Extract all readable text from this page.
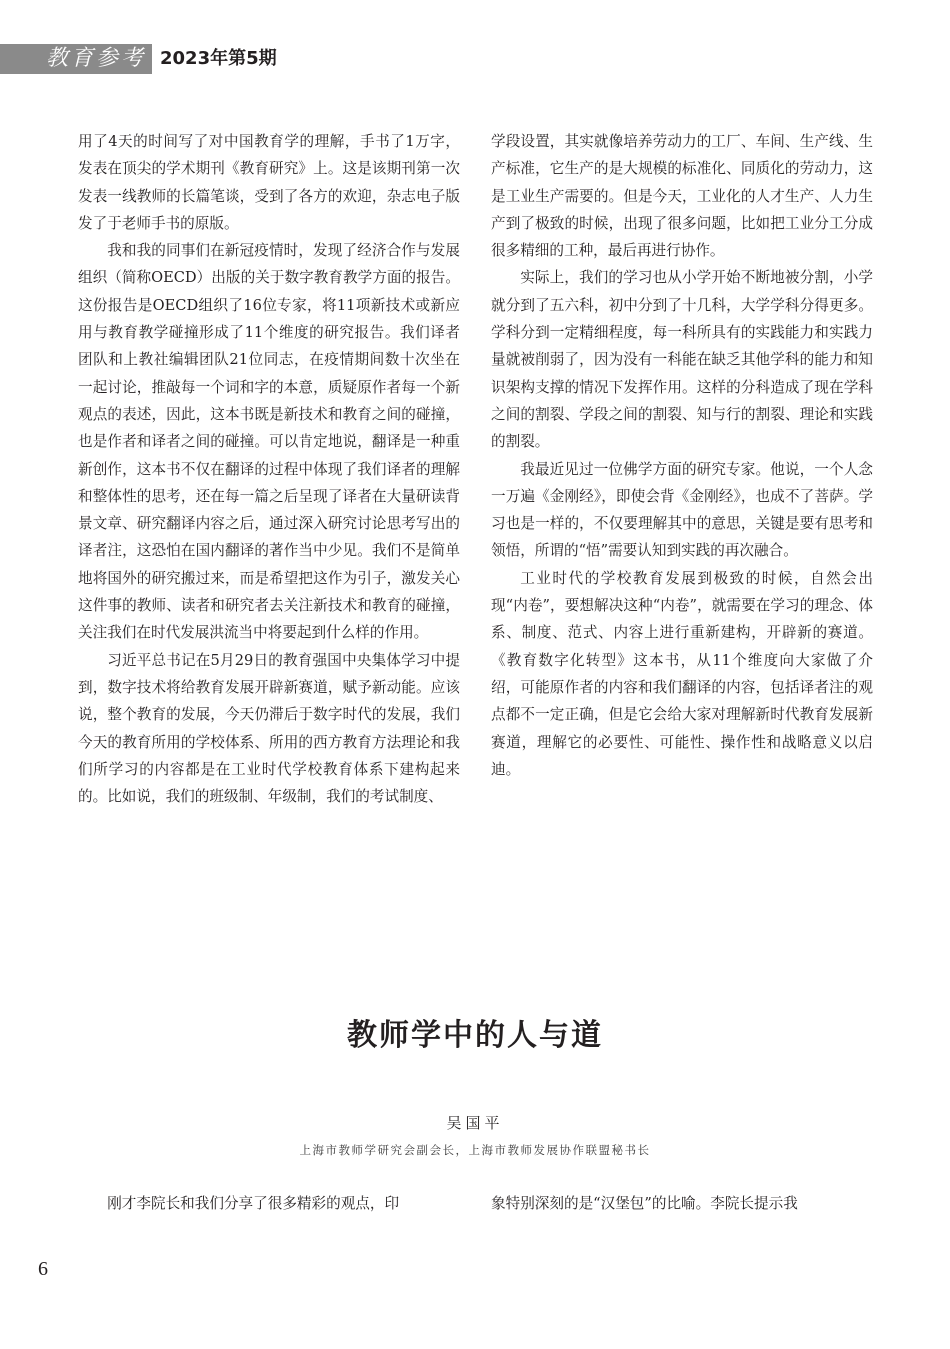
教育参考 2023年第5期

用了4天的时间写了对中国教育学的理解，手书了1万字，发表在顶尖的学术期刊《教育研究》上。这是该期刊第一次发表一线教师的长篇笔谈，受到了各方的欢迎，杂志电子版发了于老师手书的原版。

我和我的同事们在新冠疫情时，发现了经济合作与发展组织（简称OECD）出版的关于数字教育教学方面的报告。这份报告是OECD组织了16位专家，将11项新技术或新应用与教育教学碰撞形成了11个维度的研究报告。我们译者团队和上教社编辑团队21位同志，在疫情期间数十次坐在一起讨论，推敲每一个词和字的本意，质疑原作者每一个新观点的表述，因此，这本书既是新技术和教育之间的碰撞，也是作者和译者之间的碰撞。可以肯定地说，翻译是一种重新创作，这本书不仅在翻译的过程中体现了我们译者的理解和整体性的思考，还在每一篇之后呈现了译者在大量研读背景文章、研究翻译内容之后，通过深入研究讨论思考写出的译者注，这恐怕在国内翻译的著作当中少见。我们不是简单地将国外的研究搬过来，而是希望把这作为引子，激发关心这件事的教师、读者和研究者去关注新技术和教育的碰撞，关注我们在时代发展洪流当中将要起到什么样的作用。

习近平总书记在5月29日的教育强国中央集体学习中提到，数字技术将给教育发展开辟新赛道，赋予新动能。应该说，整个教育的发展，今天仍滞后于数字时代的发展，我们今天的教育所用的学校体系、所用的西方教育方法理论和我们所学习的内容都是在工业时代学校教育体系下建构起来的。比如说，我们的班级制、年级制，我们的考试制度、

学段设置，其实就像培养劳动力的工厂、车间、生产线、生产标准，它生产的是大规模的标准化、同质化的劳动力，这是工业生产需要的。但是今天，工业化的人才生产、人力生产到了极致的时候，出现了很多问题，比如把工业分工分成很多精细的工种，最后再进行协作。

实际上，我们的学习也从小学开始不断地被分割，小学就分到了五六科，初中分到了十几科，大学学科分得更多。学科分到一定精细程度，每一科所具有的实践能力和实践力量就被削弱了，因为没有一科能在缺乏其他学科的能力和知识架构支撑的情况下发挥作用。这样的分科造成了现在学科之间的割裂、学段之间的割裂、知与行的割裂、理论和实践的割裂。

我最近见过一位佛学方面的研究专家。他说，一个人念一万遍《金刚经》，即使会背《金刚经》，也成不了菩萨。学习也是一样的，不仅要理解其中的意思，关键是要有思考和领悟，所谓的“悟”需要认知到实践的再次融合。

工业时代的学校教育发展到极致的时候，自然会出现“内卷”，要想解决这种“内卷”，就需要在学习的理念、体系、制度、范式、内容上进行重新建构，开辟新的赛道。《教育数字化转型》这本书，从11个维度向大家做了介绍，可能原作者的内容和我们翻译的内容，包括译者注的观点都不一定正确，但是它会给大家对理解新时代教育发展新赛道，理解它的必要性、可能性、操作性和战略意义以启迪。

教师学中的人与道
吴国平
上海市教师学研究会副会长，上海市教师发展协作联盟秘书长

刚才李院长和我们分享了很多精彩的观点，印	象特别深刻的是“汉堡包”的比喻。李院长提示我

6
